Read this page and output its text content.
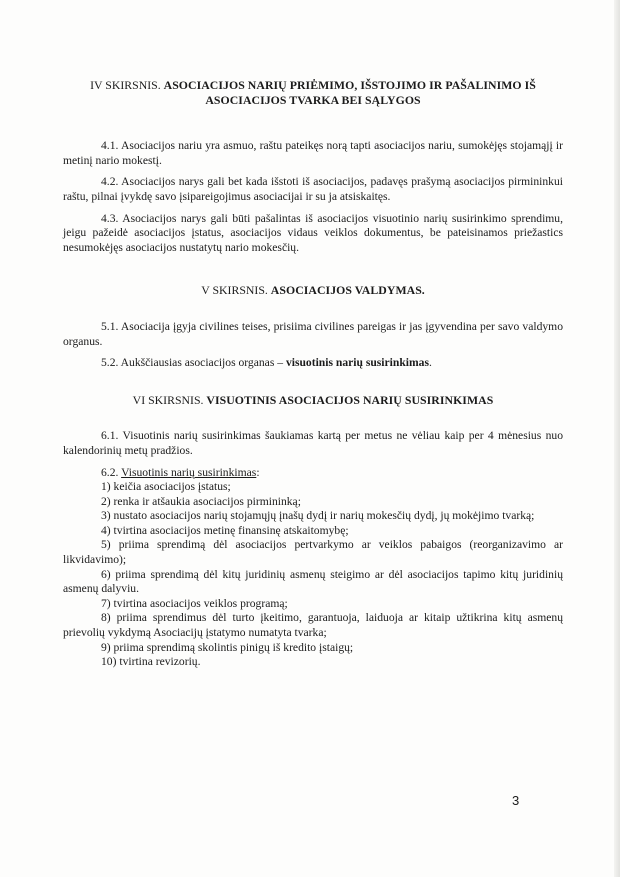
IV SKIRSNIS. ASOCIACIJOS NARIŲ PRIĖMIMO, IŠSTOJIMO IR PAŠALINIMO IŠ ASOCIACIJOS TVARKA BEI SĄLYGOS

4.1. Asociacijos nariu yra asmuo, raštu pateikęs norą tapti asociacijos nariu, sumokėjęs stojamąjį ir metinį nario mokestį.

4.2. Asociacijos narys gali bet kada išstoti iš asociacijos, padavęs prašymą asociacijos pirmininkui raštu, pilnai įvykdę savo įsipareigojimus asociacijai ir su ja atsiskaitęs.

4.3. Asociacijos narys gali būti pašalintas iš asociacijos visuotinio narių susirinkimo sprendimu, jeigu pažeidė asociacijos įstatus, asociacijos vidaus veiklos dokumentus, be pateisinamos priežastics nesumokėjęs asociacijos nustatytų nario mokesčių.

V SKIRSNIS. ASOCIACIJOS VALDYMAS.

5.1. Asociacija įgyja civilines teises, prisiima civilines pareigas ir jas įgyvendina per savo valdymo organus.

5.2. Aukščiausias asociacijos organas – visuotinis narių susirinkimas.

VI SKIRSNIS. VISUOTINIS ASOCIACIJOS NARIŲ SUSIRINKIMAS

6.1. Visuotinis narių susirinkimas šaukiamas kartą per metus ne vėliau kaip per 4 mėnesius nuo kalendorinių metų pradžios.

6.2. Visuotinis narių susirinkimas:

1) keičia asociacijos įstatus;

2) renka ir atšaukia asociacijos pirmininką;

3) nustato asociacijos narių stojamųjų įnašų dydį ir narių mokesčių dydį, jų mokėjimo tvarką;

4) tvirtina asociacijos metinę finansinę atskaitomybę;

5) priima sprendimą dėl asociacijos pertvarkymo ar veiklos pabaigos (reorganizavimo ar likvidavimo);

6) priima sprendimą dėl kitų juridinių asmenų steigimo ar dėl asociacijos tapimo kitų juridinių asmenų dalyviu.

7) tvirtina asociacijos veiklos programą;

8) priima sprendimus dėl turto įkeitimo, garantuoja, laiduoja ar kitaip užtikrina kitų asmenų prievolių vykdymą Asociacijų įstatymo numatyta tvarka;

9) priima sprendimą skolintis pinigų iš kredito įstaigų;

10) tvirtina revizorių.

3
